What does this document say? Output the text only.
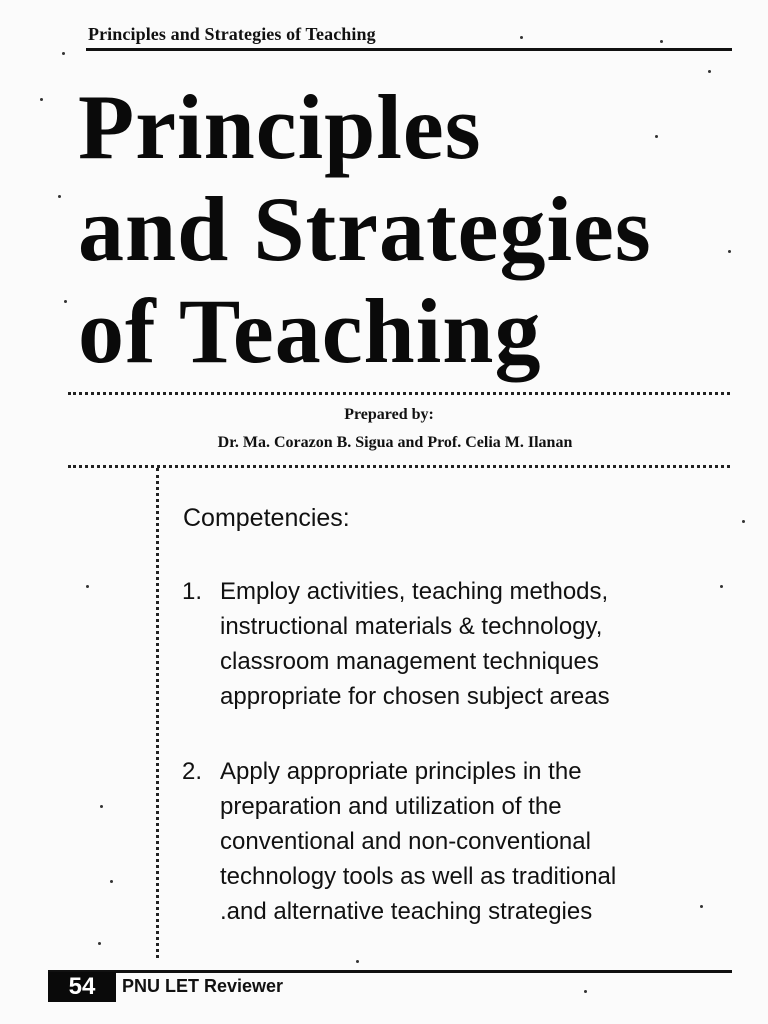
Principles and Strategies of Teaching
Principles
and Strategies
of Teaching
Prepared by:
Dr. Ma. Corazon B. Sigua and Prof. Celia M. Ilanan
Competencies:
1. Employ activities, teaching methods,
instructional materials & technology,
classroom management techniques
appropriate for chosen subject areas
2. Apply appropriate principles in the
preparation and utilization of the
conventional and non-conventional
technology tools as well as traditional
.and alternative teaching strategies
54	PNU LET Reviewer
